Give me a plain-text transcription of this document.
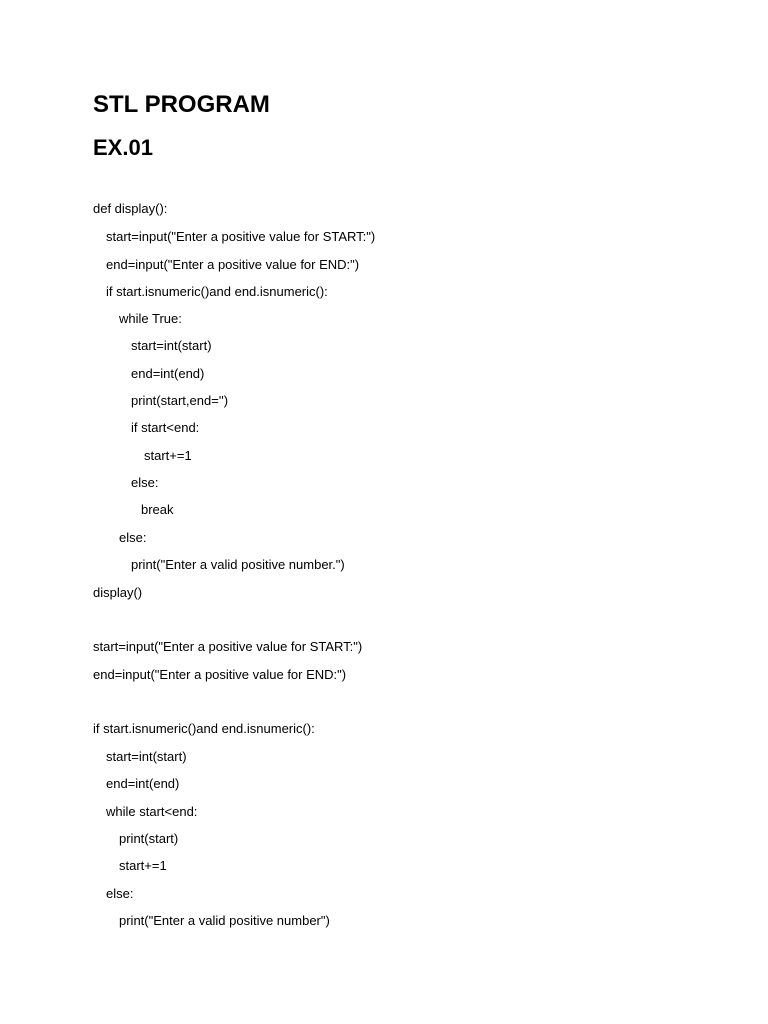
STL PROGRAM
EX.01
def display():
start=input("Enter a positive value for START:")
end=input("Enter a positive value for END:")
if start.isnumeric()and end.isnumeric():
while True:
start=int(start)
end=int(end)
print(start,end='')
if start<end:
start+=1
else:
break
else:
print("Enter a valid positive number.")
display()
start=input("Enter a positive value for START:")
end=input("Enter a positive value for END:")
if start.isnumeric()and end.isnumeric():
start=int(start)
end=int(end)
while start<end:
print(start)
start+=1
else:
print("Enter a valid positive number")
